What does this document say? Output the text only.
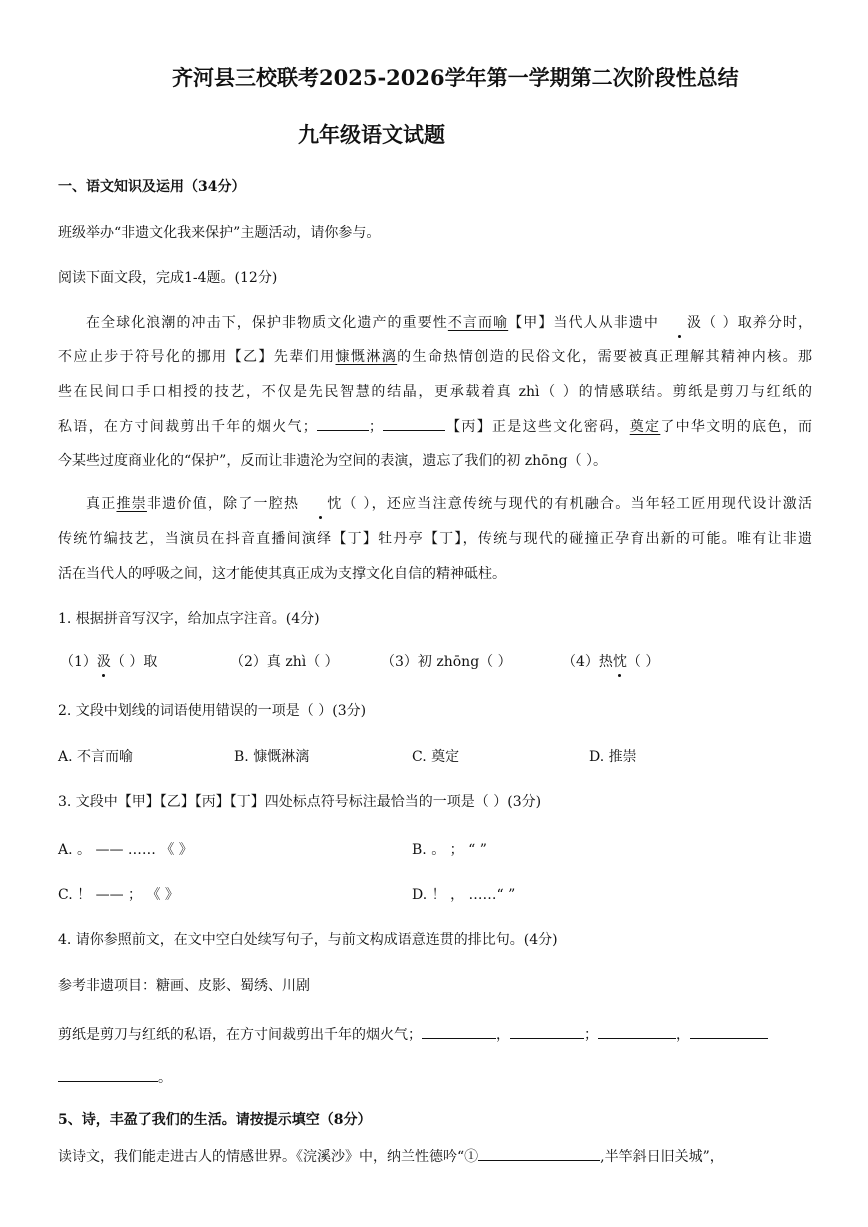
齐河县三校联考2025-2026学年第一学期第二次阶段性总结
九年级语文试题
一、语文知识及运用（34分）
班级举办“非遗文化我来保护”主题活动，请你参与。
阅读下面文段，完成1-4题。(12分)
在全球化浪潮的冲击下，保护非物质文化遗产的重要性不言而喻【甲】当代人从非遗中 汲（ ）取养分时，
不应止步于符号化的挪用【乙】先辈们用慷慨淋漓的生命热情创造的民俗文化，需要被真正理解其精神内核。那
些在民间口手口相授的技艺，不仅是先民智慧的结晶，更承载着真 zhì（ ）的情感联结。剪纸是剪刀与红纸的
私语，在方寸间裁剪出千年的烟火气；	；	【丙】正是这些文化密码，奠定了中华文明的底色，而
今某些过度商业化的“保护”，反而让非遗沦为空间的表演，遗忘了我们的初 zhōng（ ）。
真正推崇非遗价值，除了一腔热 忱（ ），还应当注意传统与现代的有机融合。当年轻工匠用现代设计激活
传统竹编技艺，当演员在抖音直播间演绎【丁】牡丹亭【丁】，传统与现代的碰撞正孕育出新的可能。唯有让非遗
活在当代人的呼吸之间，这才能使其真正成为支撑文化自信的精神砥柱。
1. 根据拼音写汉字，给加点字注音。(4分)
（1）汲（ ）取	（2）真 zhì（ ）	（3）初 zhōng（ ）	（4）热忱（ ）
2. 文段中划线的词语使用错误的一项是（ ）(3分)
A. 不言而喻	B. 慷慨淋漓	C. 奠定	D. 推崇
3. 文段中【甲】【乙】【丙】【丁】四处标点符号标注最恰当的一项是（ ）(3分)
A. 。 —— …… 《 》	B. 。 ； “ ”
C. ！ —— ； 《 》	D. ！ ， ……“ ”
4. 请你参照前文，在文中空白处续写句子，与前文构成语意连贯的排比句。(4分)
参考非遗项目：糖画、皮影、蜀绣、川剧
剪纸是剪刀与红纸的私语，在方寸间裁剪出千年的烟火气；	，	；	，
。
5、诗，丰盈了我们的生活。请按提示填空（8分）
读诗文，我们能走进古人的情感世界。《浣溪沙》中，纳兰性德吟“①	,半竿斜日旧关城”，
